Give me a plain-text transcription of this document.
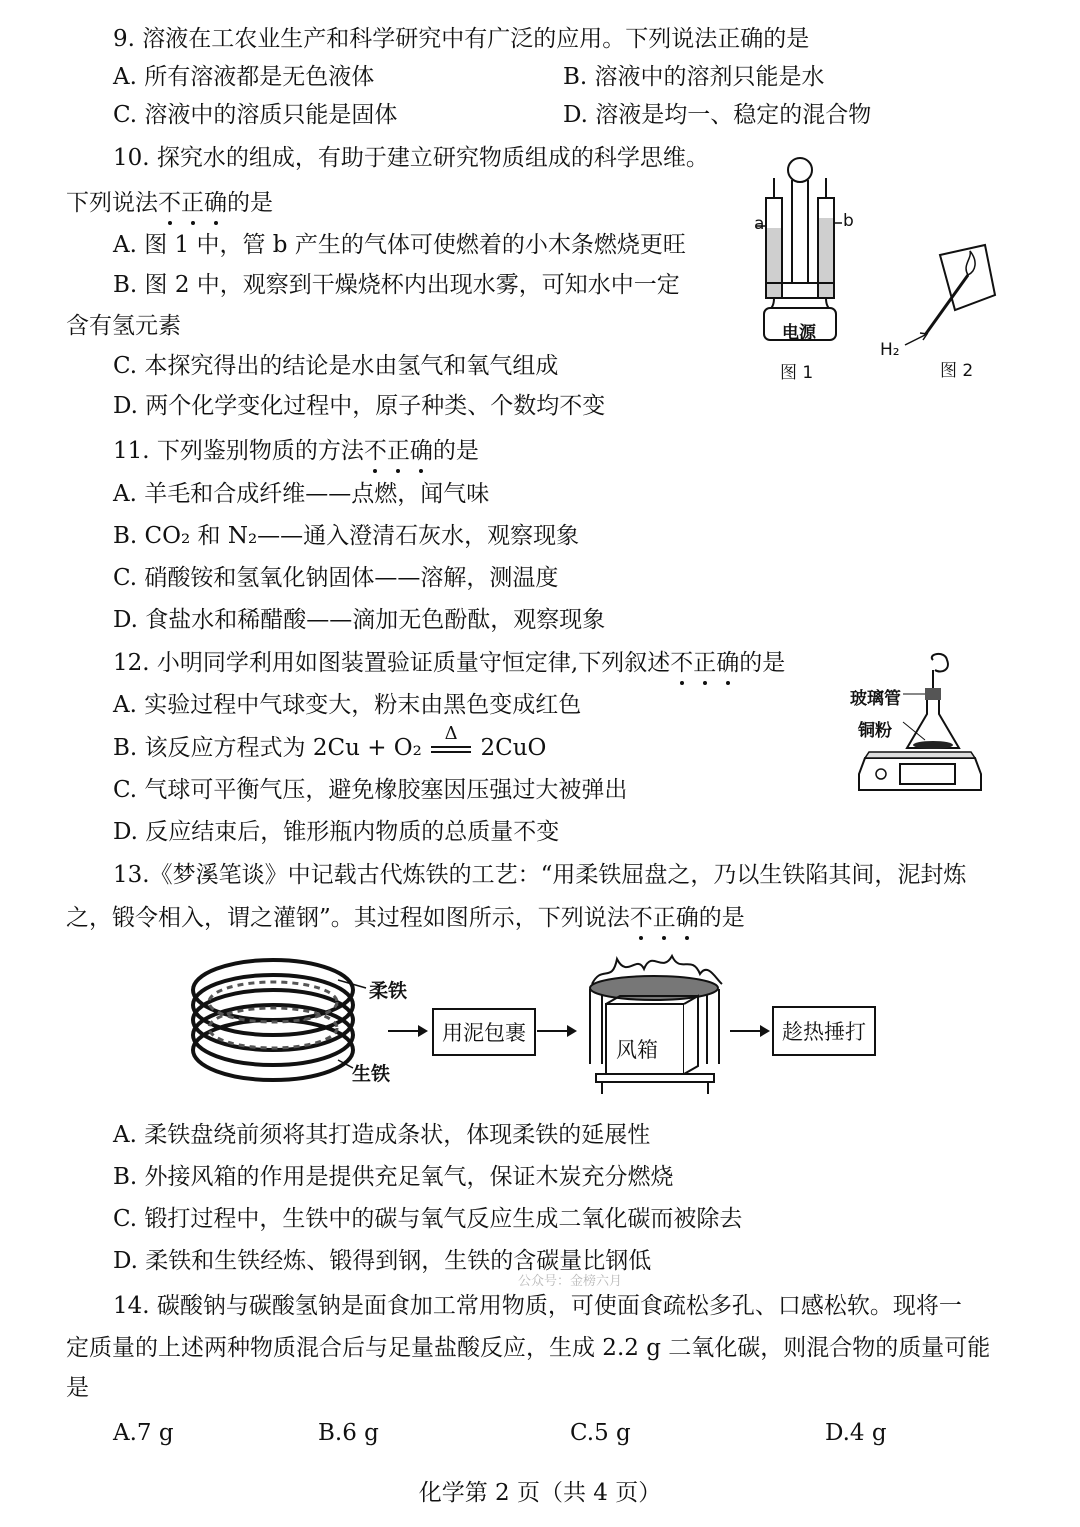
9. 溶液在工农业生产和科学研究中有广泛的应用。下列说法正确的是
A. 所有溶液都是无色液体	B. 溶液中的溶剂只能是水
C. 溶液中的溶质只能是固体	D. 溶液是均一、稳定的混合物
10. 探究水的组成，有助于建立研究物质组成的科学思维。
下列说法不正确的是
A. 图 1 中，管 b 产生的气体可使燃着的小木条燃烧更旺
B. 图 2 中，观察到干燥烧杯内出现水雾，可知水中一定
含有氢元素
C. 本探究得出的结论是水由氢气和氧气组成
D. 两个化学变化过程中，原子种类、个数均不变
a	b
电源
图 1
H₂
图 2
11. 下列鉴别物质的方法不正确的是
A. 羊毛和合成纤维——点燃，闻气味
B. CO₂ 和 N₂——通入澄清石灰水，观察现象
C. 硝酸铵和氢氧化钠固体——溶解，测温度
D. 食盐水和稀醋酸——滴加无色酚酞，观察现象
12. 小明同学利用如图装置验证质量守恒定律,下列叙述不正确的是
A. 实验过程中气球变大，粉末由黑色变成红色
B. 该反应方程式为 2Cu + O₂
Δ
2CuO
C. 气球可平衡气压，避免橡胶塞因压强过大被弹出
D. 反应结束后，锥形瓶内物质的总质量不变
玻璃管
铜粉
13.《梦溪笔谈》中记载古代炼铁的工艺：“用柔铁屈盘之，乃以生铁陷其间，泥封炼
之，锻令相入，谓之灌钢”。其过程如图所示，下列说法不正确的是
柔铁
生铁
用泥包裹
风箱
趁热捶打
A. 柔铁盘绕前须将其打造成条状，体现柔铁的延展性
B. 外接风箱的作用是提供充足氧气，保证木炭充分燃烧
C. 锻打过程中，生铁中的碳与氧气反应生成二氧化碳而被除去
D. 柔铁和生铁经炼、锻得到钢，生铁的含碳量比钢低
公众号：金榜六月
14. 碳酸钠与碳酸氢钠是面食加工常用物质，可使面食疏松多孔、口感松软。现将一
定质量的上述两种物质混合后与足量盐酸反应，生成 2.2 g 二氧化碳，则混合物的质量可能
是
A.7 g	B.6 g	C.5 g	D.4 g
化学第 2 页（共 4 页）
